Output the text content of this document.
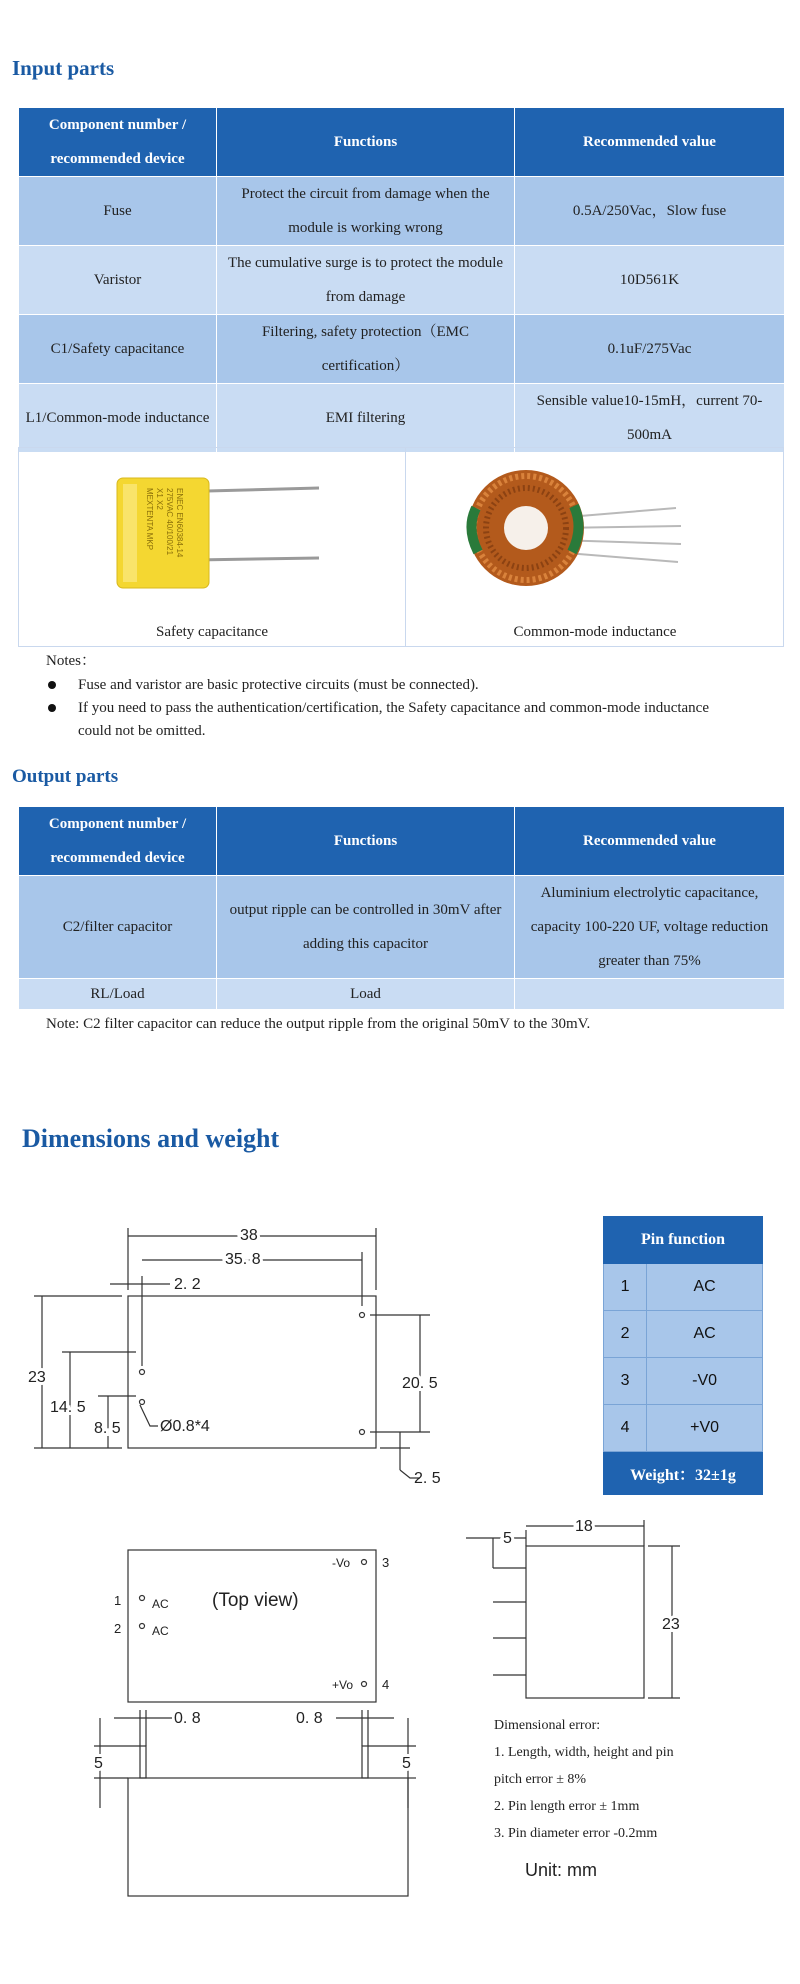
Input parts
Component number / recommended device	Functions	Recommended value
Fuse	Protect the circuit from damage when the module is working wrong	0.5A/250Vac，Slow fuse
Varistor	The cumulative surge is to protect the module from damage	10D561K
C1/Safety capacitance	Filtering, safety protection（EMC certification）	0.1uF/275Vac
L1/Common-mode inductance	EMI filtering	Sensible value10-15mH，current 70-500mA
MEXTENTA MKP X1 X2 275VAC 40/100/21 ENEC EN60384-14
Safety capacitance	Common-mode inductance
Notes：
Fuse and varistor are basic protective circuits (must be connected).
If you need to pass the authentication/certification, the Safety capacitance and common-mode inductance
could not be omitted.
Output parts
Component number / recommended device	Functions	Recommended value
C2/filter capacitor	output ripple can be controlled in 30mV after adding this capacitor	Aluminium electrolytic capacitance, capacity 100-220 UF, voltage reduction greater than 75%
RL/Load	Load	
Note: C2 filter capacitor can reduce the output ripple from the original 50mV to the 30mV.
Dimensions and weight
38
35. 8
2. 2
23
14. 5
8. 5 Ø0.8*4
20. 5
2. 5
(Top view)
1
2
AC
AC
-Vo
+Vo
3
4
5
18
23
0. 8	0. 8
5	5
Pin function	
1	AC
2	AC
3	-V0
4	+V0
Weight：32±1g	
Dimensional error:
1. Length, width, height and pin
pitch error ± 8%
2. Pin length error ± 1mm
3. Pin diameter error -0.2mm
Unit: mm
